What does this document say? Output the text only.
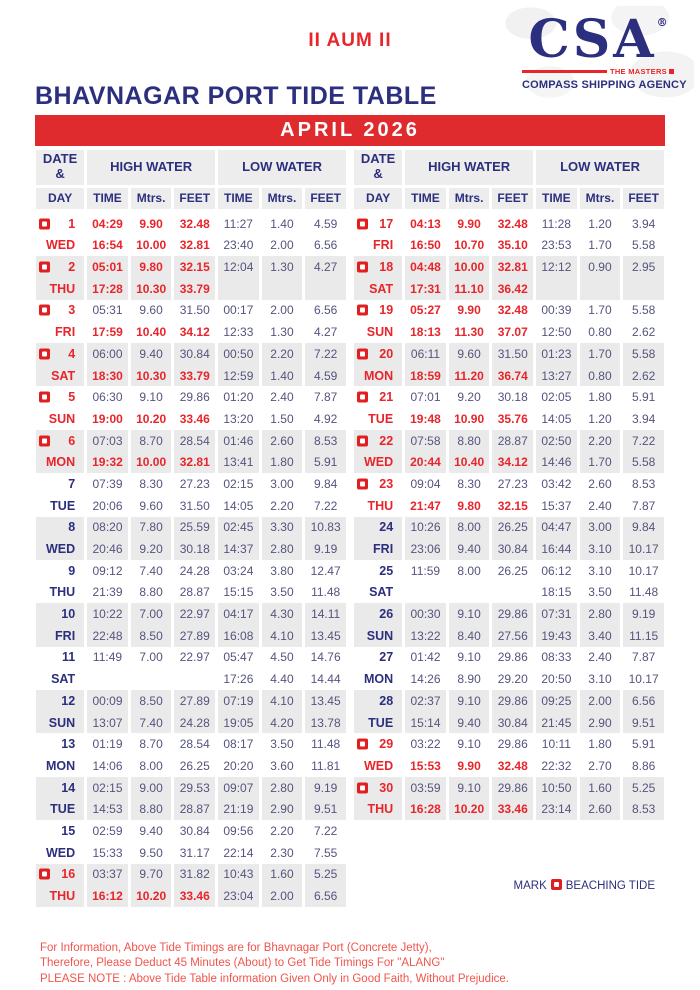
II AUM II	CSA®
THE MASTERS
COMPASS SHIPPING AGENCY
BHAVNAGAR PORT TIDE TABLE
APRIL 2026
DATE
&	HIGH WATER			LOW WATER		
DAY	TIME	Mtrs.	FEET	TIME	Mtrs.	FEET

1	04:29	9.90	32.48	11:27	1.40	4.59
WED	16:54	10.00	32.81	23:40	2.00	6.56

2	05:01	9.80	32.15	12:04	1.30	4.27
THU	17:28	10.30	33.79			

3	05:31	9.60	31.50	00:17	2.00	6.56
FRI	17:59	10.40	34.12	12:33	1.30	4.27

4	06:00	9.40	30.84	00:50	2.20	7.22
SAT	18:30	10.30	33.79	12:59	1.40	4.59

5	06:30	9.10	29.86	01:20	2.40	7.87
SUN	19:00	10.20	33.46	13:20	1.50	4.92

6	07:03	8.70	28.54	01:46	2.60	8.53
MON	19:32	10.00	32.81	13:41	1.80	5.91
7	07:39	8.30	27.23	02:15	3.00	9.84
TUE	20:06	9.60	31.50	14:05	2.20	7.22
8	08:20	7.80	25.59	02:45	3.30	10.83
WED	20:46	9.20	30.18	14:37	2.80	9.19
9	09:12	7.40	24.28	03:24	3.80	12.47
THU	21:39	8.80	28.87	15:15	3.50	11.48
10	10:22	7.00	22.97	04:17	4.30	14.11
FRI	22:48	8.50	27.89	16:08	4.10	13.45
11	11:49	7.00	22.97	05:47	4.50	14.76
SAT				17:26	4.40	14.44
12	00:09	8.50	27.89	07:19	4.10	13.45
SUN	13:07	7.40	24.28	19:05	4.20	13.78
13	01:19	8.70	28.54	08:17	3.50	11.48
MON	14:06	8.00	26.25	20:20	3.60	11.81
14	02:15	9.00	29.53	09:07	2.80	9.19
TUE	14:53	8.80	28.87	21:19	2.90	9.51
15	02:59	9.40	30.84	09:56	2.20	7.22
WED	15:33	9.50	31.17	22:14	2.30	7.55

16	03:37	9.70	31.82	10:43	1.60	5.25
THU	16:12	10.20	33.46	23:04	2.00	6.56
DATE
&	HIGH WATER			LOW WATER		
DAY	TIME	Mtrs.	FEET	TIME	Mtrs.	FEET

17	04:13	9.90	32.48	11:28	1.20	3.94
FRI	16:50	10.70	35.10	23:53	1.70	5.58

18	04:48	10.00	32.81	12:12	0.90	2.95
SAT	17:31	11.10	36.42			

19	05:27	9.90	32.48	00:39	1.70	5.58
SUN	18:13	11.30	37.07	12:50	0.80	2.62

20	06:11	9.60	31.50	01:23	1.70	5.58
MON	18:59	11.20	36.74	13:27	0.80	2.62

21	07:01	9.20	30.18	02:05	1.80	5.91
TUE	19:48	10.90	35.76	14:05	1.20	3.94

22	07:58	8.80	28.87	02:50	2.20	7.22
WED	20:44	10.40	34.12	14:46	1.70	5.58

23	09:04	8.30	27.23	03:42	2.60	8.53
THU	21:47	9.80	32.15	15:37	2.40	7.87
24	10:26	8.00	26.25	04:47	3.00	9.84
FRI	23:06	9.40	30.84	16:44	3.10	10.17
25	11:59	8.00	26.25	06:12	3.10	10.17
SAT				18:15	3.50	11.48
26	00:30	9.10	29.86	07:31	2.80	9.19
SUN	13:22	8.40	27.56	19:43	3.40	11.15
27	01:42	9.10	29.86	08:33	2.40	7.87
MON	14:26	8.90	29.20	20:50	3.10	10.17
28	02:37	9.10	29.86	09:25	2.00	6.56
TUE	15:14	9.40	30.84	21:45	2.90	9.51

29	03:22	9.10	29.86	10:11	1.80	5.91
WED	15:53	9.90	32.48	22:32	2.70	8.86

30	03:59	9.10	29.86	10:50	1.60	5.25
THU	16:28	10.20	33.46	23:14	2.60	8.53
MARK BEACHING TIDE
For Information, Above Tide Timings are for Bhavnagar Port (Concrete Jetty),
Therefore, Please Deduct 45 Minutes (About) to Get Tide Timings For "ALANG"
PLEASE NOTE : Above Tide Table information Given Only in Good Faith, Without Prejudice.
